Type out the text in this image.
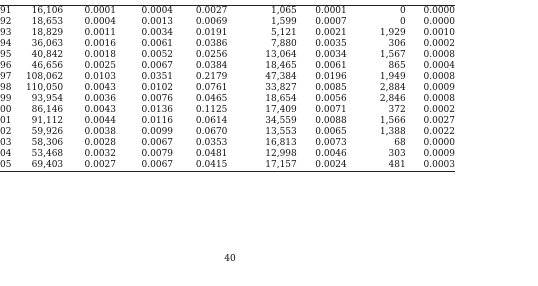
91	16,106	0.0001	0.0004	0.0027	1,065	0.0001	0	0.0000
92	18,653	0.0004	0.0013	0.0069	1,599	0.0007	0	0.0000
93	18,829	0.0011	0.0034	0.0191	5,121	0.0021	1,929	0.0010
94	36,063	0.0016	0.0061	0.0386	7,880	0.0035	306	0.0002
95	40,842	0.0018	0.0052	0.0256	13,064	0.0034	1,567	0.0008
96	46,656	0.0025	0.0067	0.0384	18,465	0.0061	865	0.0004
97	108,062	0.0103	0.0351	0.2179	47,384	0.0196	1,949	0.0008
98	110,050	0.0043	0.0102	0.0761	33,827	0.0085	2,884	0.0009
99	93,954	0.0036	0.0076	0.0465	18,654	0.0056	2,846	0.0008
00	86,146	0.0043	0.0136	0.1125	17,409	0.0071	372	0.0002
01	91,112	0.0044	0.0116	0.0614	34,559	0.0088	1,566	0.0027
02	59,926	0.0038	0.0099	0.0670	13,553	0.0065	1,388	0.0022
03	58,306	0.0028	0.0067	0.0353	16,813	0.0073	68	0.0000
04	53,468	0.0032	0.0079	0.0481	12,998	0.0046	303	0.0009
05	69,403	0.0027	0.0067	0.0415	17,157	0.0024	481	0.0003
40
